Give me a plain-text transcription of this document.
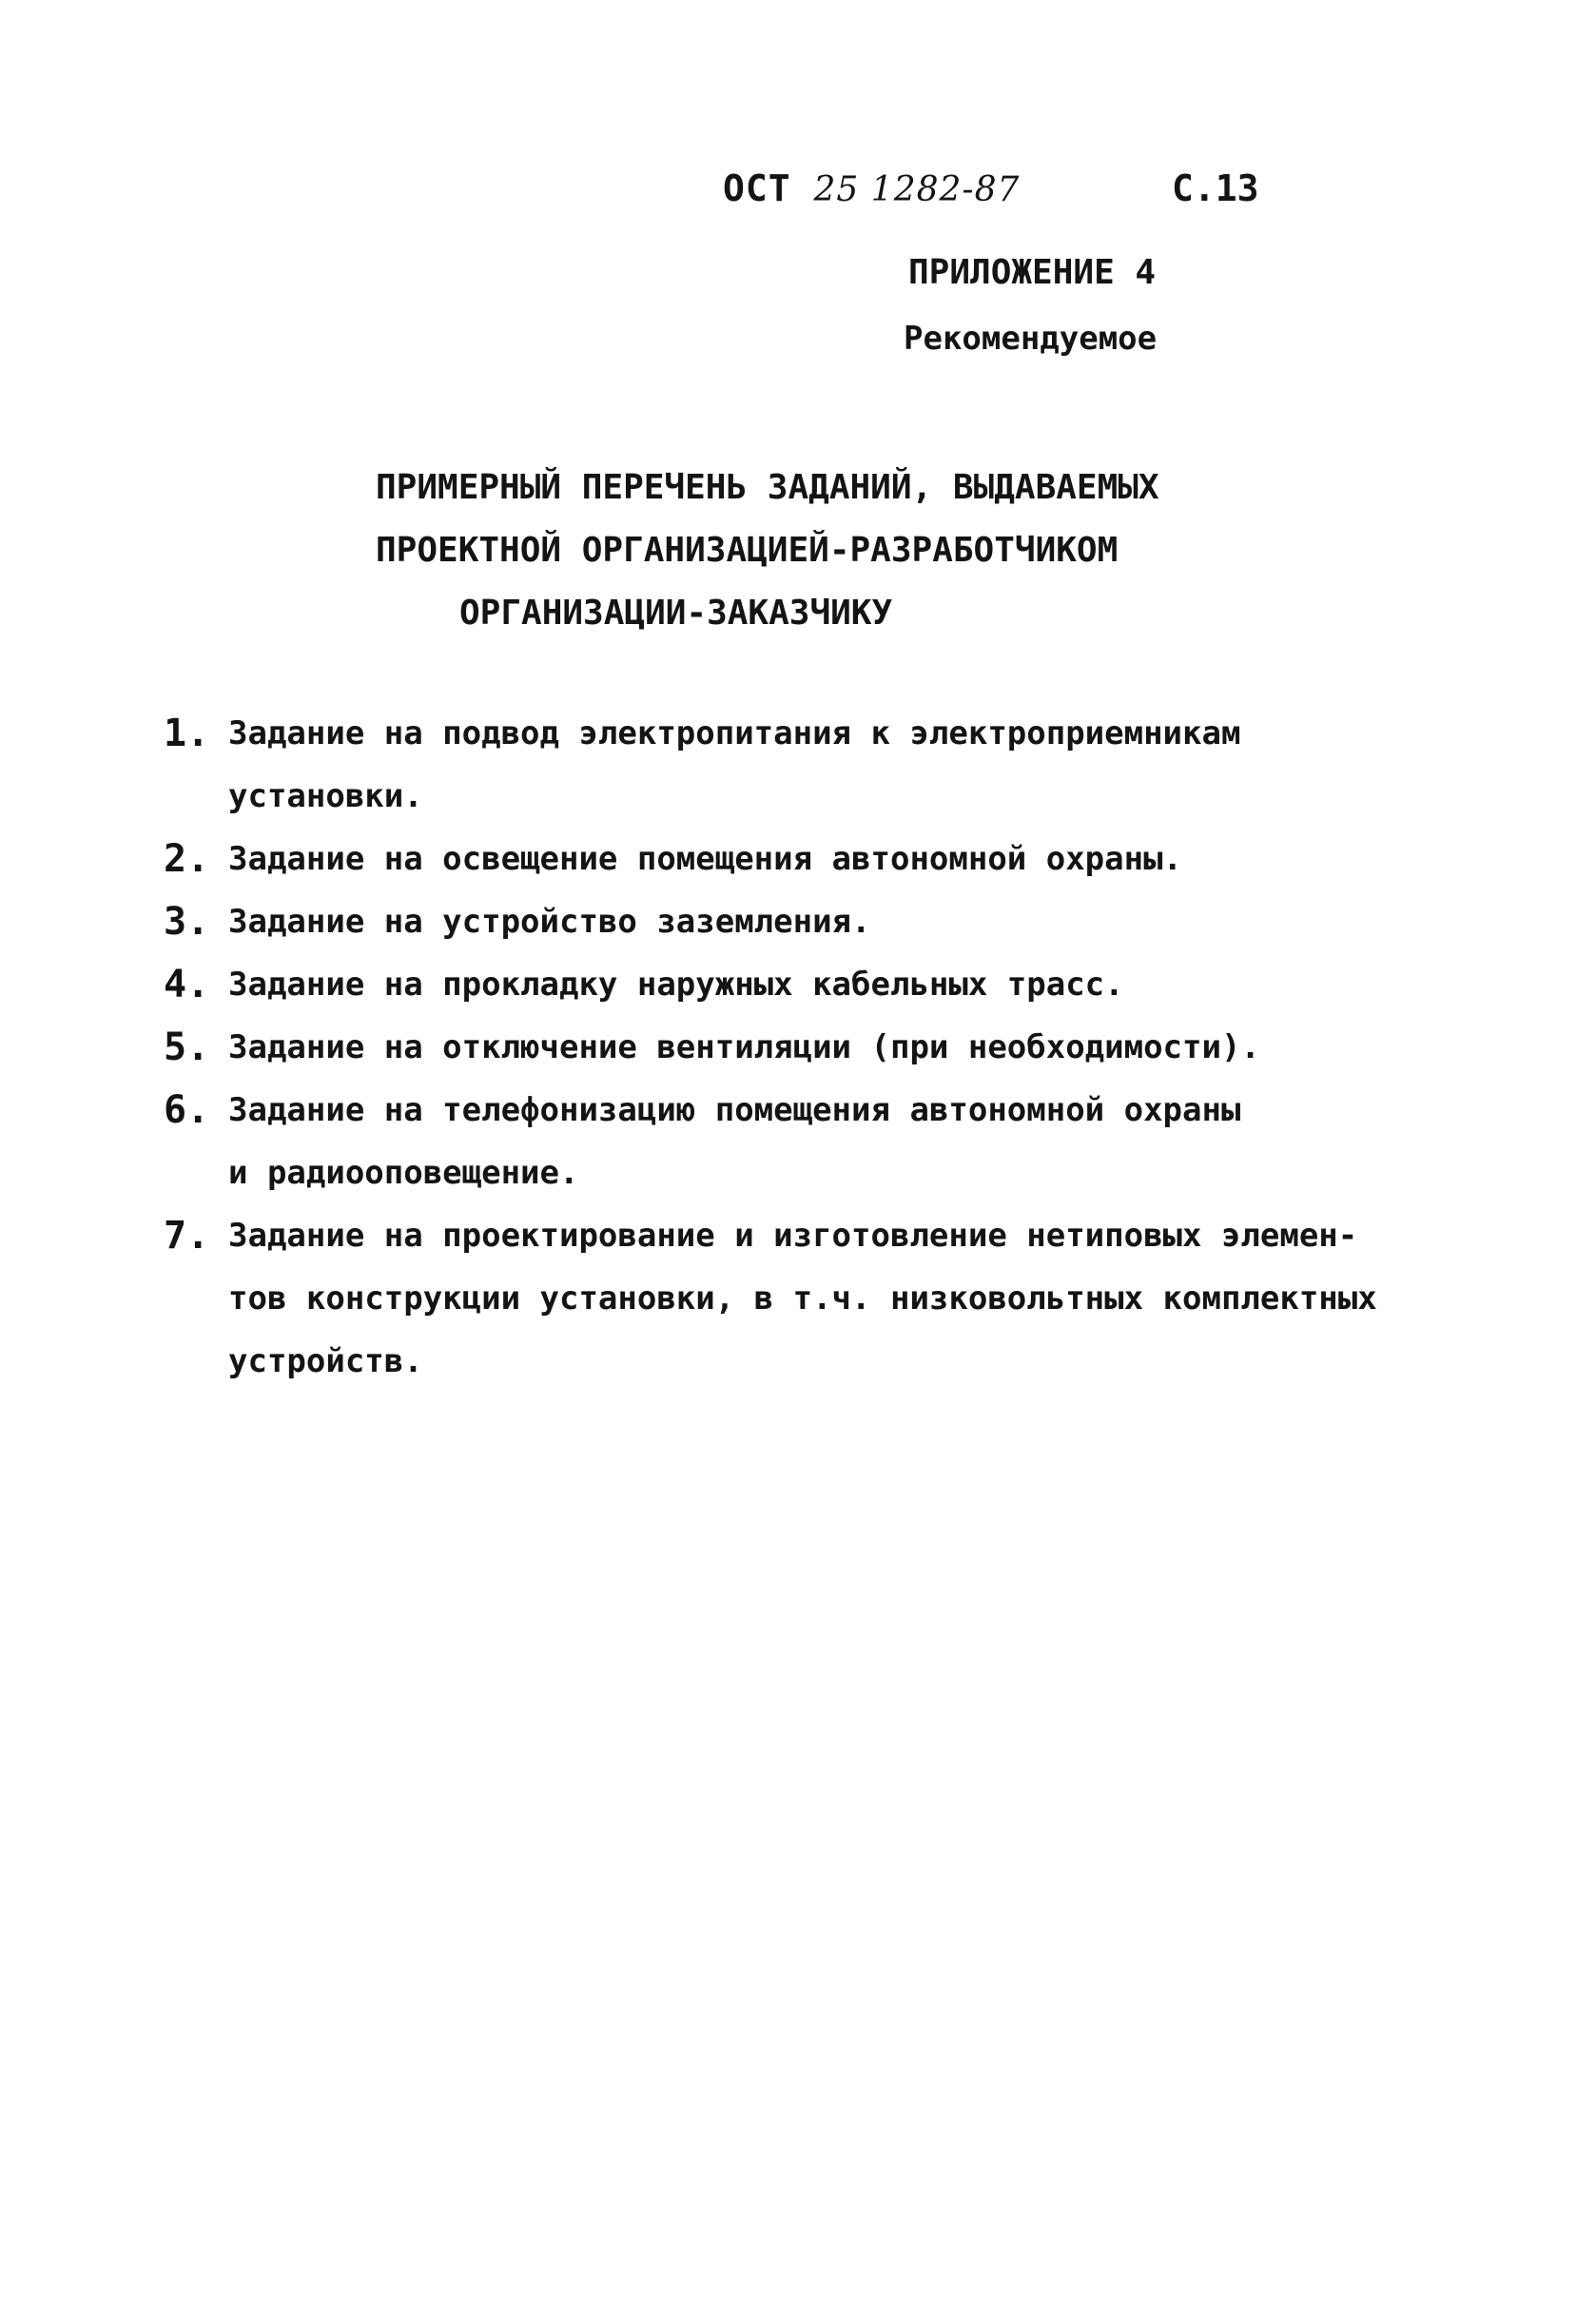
ОСТ 25 1282-87	С.13
ПРИЛОЖЕНИЕ 4
Рекомендуемое
ПРИМЕРНЫЙ ПЕРЕЧЕНЬ ЗАДАНИЙ, ВЫДАВАЕМЫХ
ПРОЕКТНОЙ ОРГАНИЗАЦИЕЙ-РАЗРАБОТЧИКОМ
ОРГАНИЗАЦИИ-ЗАКАЗЧИКУ
1. Задание на подвод электропитания к электроприемникам
установки.
2. Задание на освещение помещения автономной охраны.
3. Задание на устройство заземления.
4. Задание на прокладку наружных кабельных трасс.
5. Задание на отключение вентиляции (при необходимости).
6. Задание на телефонизацию помещения автономной охраны
и радиооповещение.
7. Задание на проектирование и изготовление нетиповых элемен-
тов конструкции установки, в т.ч. низковольтных комплектных
устройств.
